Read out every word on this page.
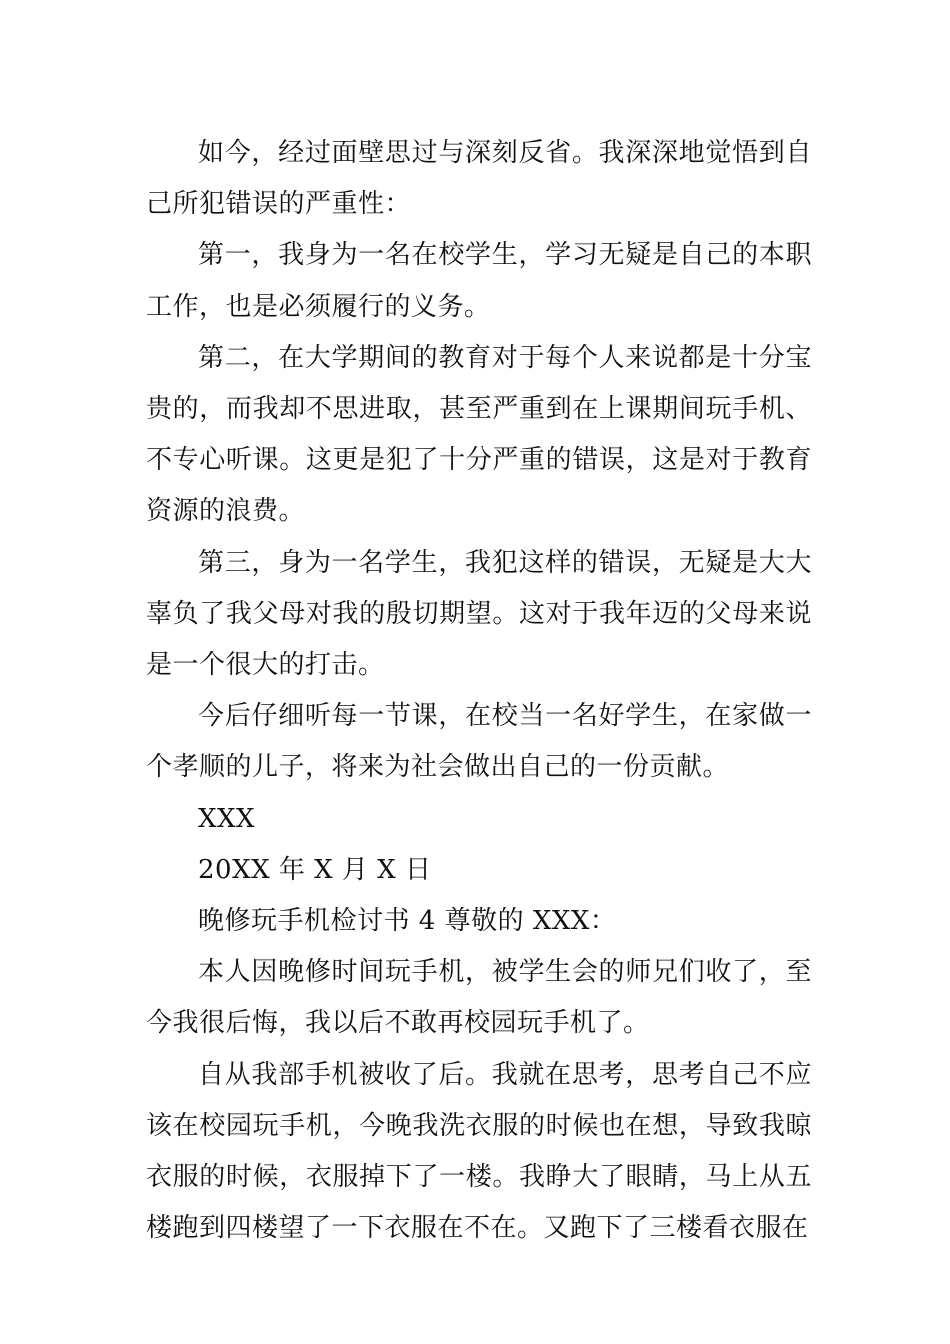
如今，经过面壁思过与深刻反省。我深深地觉悟到自己所犯错误的严重性：

第一，我身为一名在校学生，学习无疑是自己的本职工作，也是必须履行的义务。

第二，在大学期间的教育对于每个人来说都是十分宝贵的，而我却不思进取，甚至严重到在上课期间玩手机、不专心听课。这更是犯了十分严重的错误，这是对于教育资源的浪费。

第三，身为一名学生，我犯这样的错误，无疑是大大辜负了我父母对我的殷切期望。这对于我年迈的父母来说是一个很大的打击。

今后仔细听每一节课，在校当一名好学生，在家做一个孝顺的儿子，将来为社会做出自己的一份贡献。

XXX

20XX 年 X 月 X 日

晚修玩手机检讨书 4 尊敬的 XXX：

本人因晚修时间玩手机，被学生会的师兄们收了，至今我很后悔，我以后不敢再校园玩手机了。

自从我部手机被收了后。我就在思考，思考自己不应该在校园玩手机，今晚我洗衣服的时候也在想，导致我晾衣服的时候，衣服掉下了一楼。我睁大了眼睛，马上从五楼跑到四楼望了一下衣服在不在。又跑下了三楼看衣服在
